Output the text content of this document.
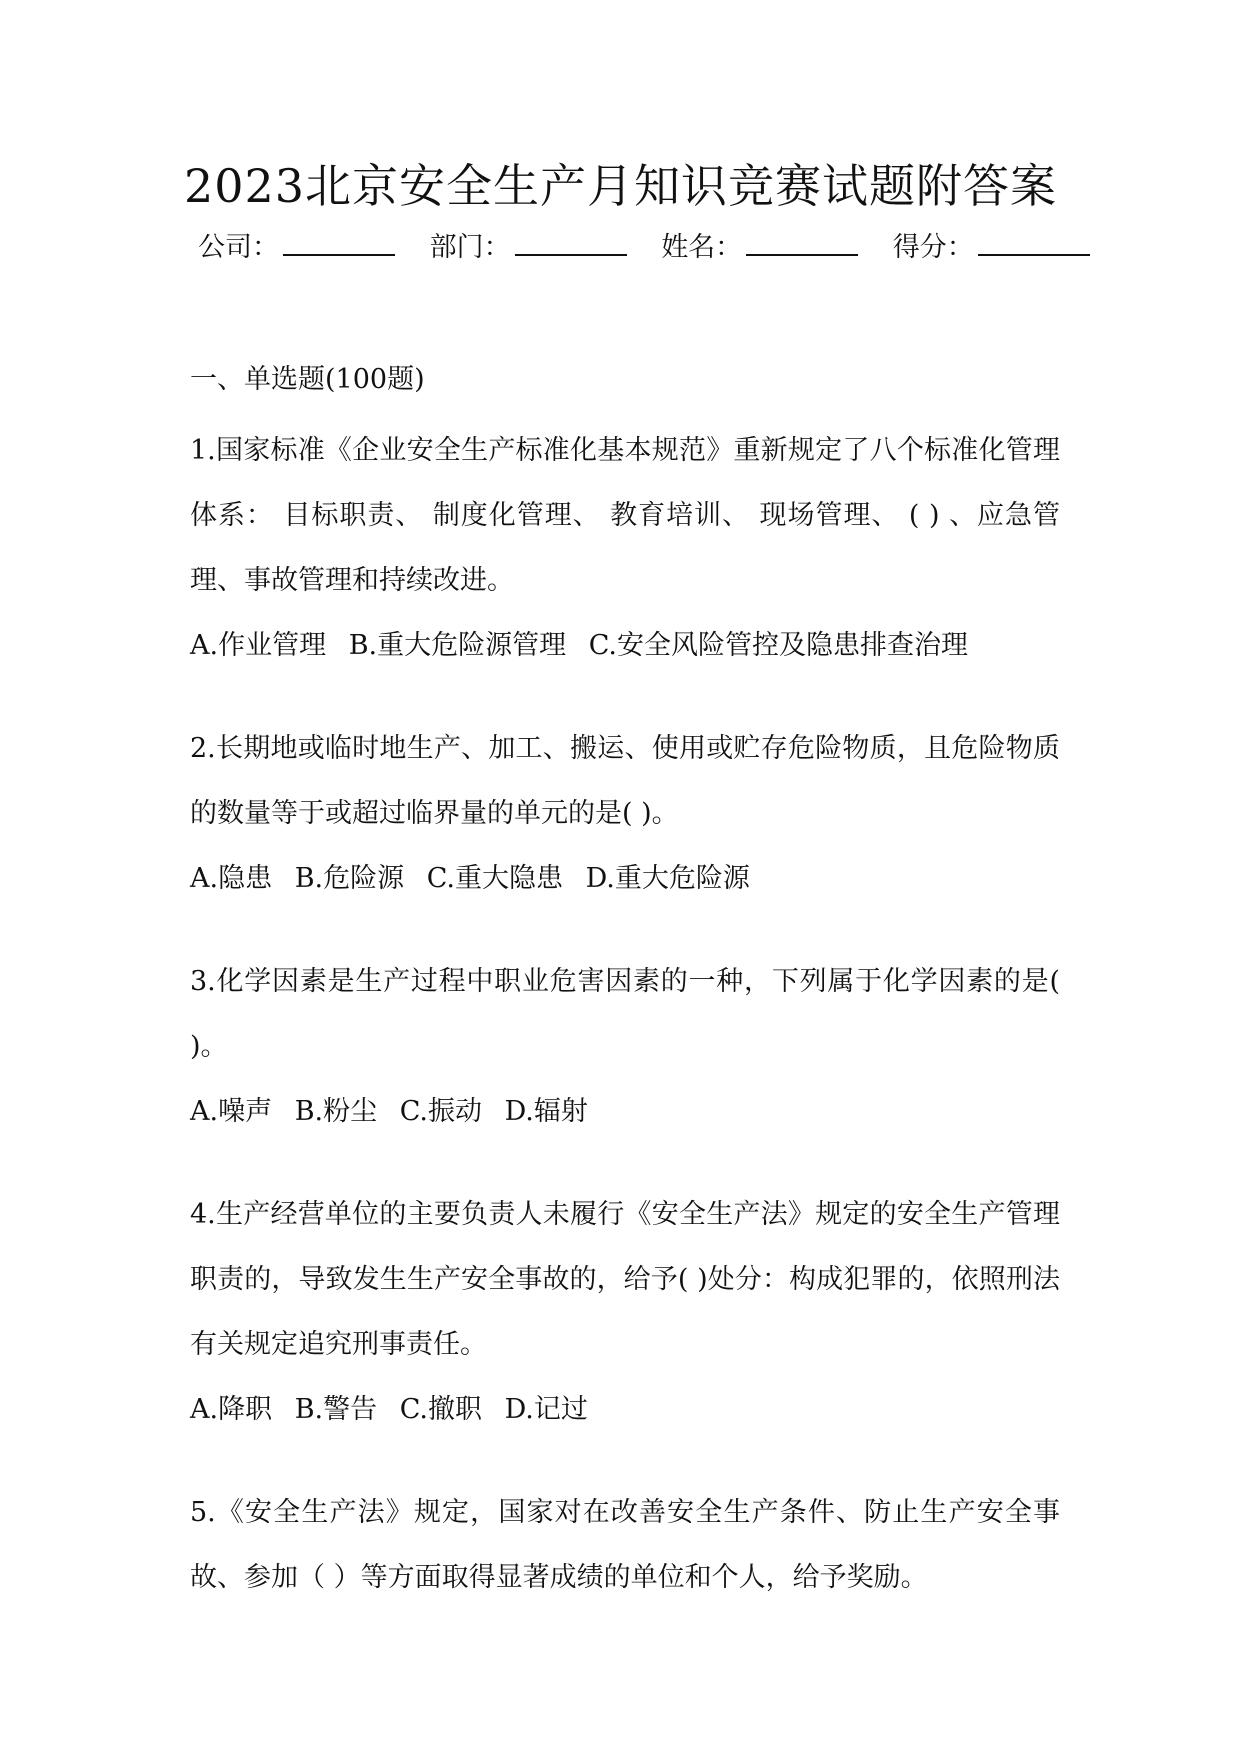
2023北京安全生产月知识竞赛试题附答案
公司：	部门：	姓名：	得分：

一、单选题(100题)

1.国家标准《企业安全生产标准化基本规范》重新规定了八个标准化管理体系： 目标职责、 制度化管理、 教育培训、 现场管理、 ( ) 、应急管理、事故管理和持续改进。

A.作业管理 B.重大危险源管理 C.安全风险管控及隐患排查治理

2.长期地或临时地生产、加工、搬运、使用或贮存危险物质，且危险物质的数量等于或超过临界量的单元的是( )。

A.隐患 B.危险源 C.重大隐患 D.重大危险源

3.化学因素是生产过程中职业危害因素的一种，下列属于化学因素的是( )。

A.噪声 B.粉尘 C.振动 D.辐射

4.生产经营单位的主要负责人未履行《安全生产法》规定的安全生产管理职责的，导致发生生产安全事故的，给予( )处分：构成犯罪的，依照刑法有关规定追究刑事责任。

A.降职 B.警告 C.撤职 D.记过

5.《安全生产法》规定，国家对在改善安全生产条件、防止生产安全事故、参加（ ）等方面取得显著成绩的单位和个人，给予奖励。
